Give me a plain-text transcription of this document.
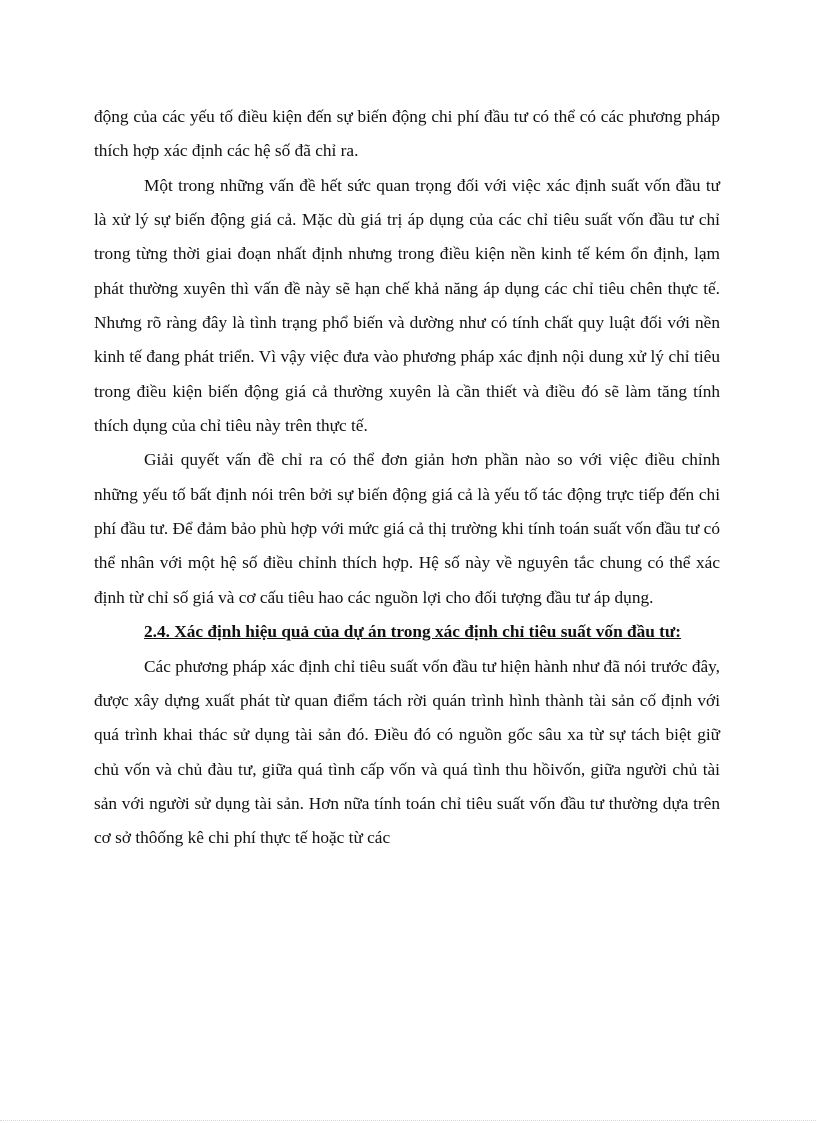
động của các yếu tố điều kiện đến sự biến động chi phí đầu tư có thể có các phương pháp thích hợp xác định các hệ số đã chỉ ra.

Một trong những vấn đề hết sức quan trọng đối với việc xác định suất vốn đầu tư là xử lý sự biến động giá cả. Mặc dù giá trị áp dụng của các chỉ tiêu suất vốn đầu tư chỉ trong từng thời giai đoạn nhất định nhưng trong điều kiện nền kinh tế kém ổn định, lạm phát thường xuyên thì vấn đề này sẽ hạn chế khả năng áp dụng các chỉ tiêu chên thực tế. Nhưng rõ ràng đây là tình trạng phổ biến và dường như có tính chất quy luật đối với nền kinh tế đang phát triển. Vì vậy việc đưa vào phương pháp xác định nội dung xử lý chỉ tiêu trong điều kiện biến động giá cả thường xuyên là cần thiết và điều đó sẽ làm tăng tính thích dụng của chỉ tiêu này trên thực tế.

Giải quyết vấn đề chỉ ra có thể đơn giản hơn phần nào so với việc điều chỉnh những yếu tố bất định nói trên bởi sự biến động giá cả là yếu tố tác động trực tiếp đến chi phí đầu tư. Để đảm bảo phù hợp với mức giá cả thị trường khi tính toán suất vốn đầu tư có thể nhân với một hệ số điều chỉnh thích hợp. Hệ số này về nguyên tắc chung có thể xác định từ chỉ số giá và cơ cấu tiêu hao các nguồn lợi cho đối tượng đầu tư áp dụng.

2.4. Xác định hiệu quả của dự án trong xác định chỉ tiêu suất vốn đầu tư:

Các phương pháp xác định chỉ tiêu suất vốn đầu tư hiện hành như đã nói trước đây, được xây dựng xuất phát từ quan điểm tách rời quán trình hình thành tài sản cố định với quá trình khai thác sử dụng tài sản đó. Điều đó có nguồn gốc sâu xa từ sự tách biệt giữ chủ vốn và chủ đàu tư, giữa quá tình cấp vốn và quá tình thu hồivốn, giữa người chủ tài sản với người sử dụng tài sản. Hơn nữa tính toán chỉ tiêu suất vốn đầu tư thường dựa trên cơ sở thôống kê chi phí thực tế hoặc từ các
